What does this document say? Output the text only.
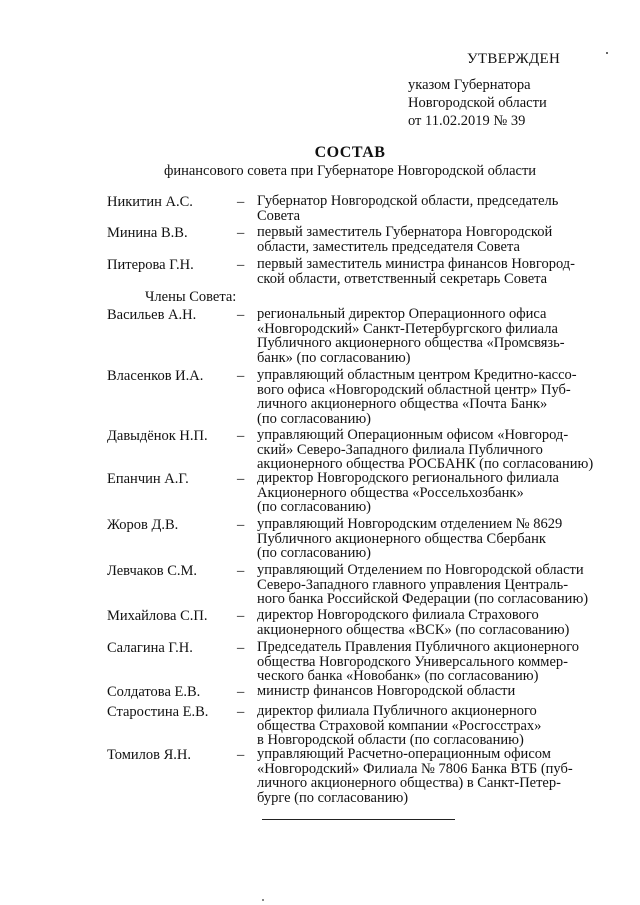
УТВЕРЖДЕН
указом Губернатора
Новгородской области
от 11.02.2019 № 39
СОСТАВ
финансового совета при Губернаторе Новгородской области
Члены Совета:
Никитин А.С.	– Губернатор Новгородской области, председатель
Совета
Минина В.В.	– первый заместитель Губернатора Новгородской
области, заместитель председателя Совета
Питерова Г.Н.	– первый заместитель министра финансов Новгород-
ской области, ответственный секретарь Совета
Васильев А.Н.	– региональный директор Операционного офиса
«Новгородский» Санкт-Петербургского филиала
Публичного акционерного общества «Промсвязь-
банк» (по согласованию)
Власенков И.А. – управляющий областным центром Кредитно-кассо-
вого офиса «Новгородский областной центр» Пуб-
личного акционерного общества «Почта Банк»
(по согласованию)
Давыдёнок Н.П. – управляющий Операционным офисом «Новгород-
ский» Северо-Западного филиала Публичного
акционерного общества РОСБАНК (по согласованию)
Епанчин А.Г.	– директор Новгородского регионального филиала
Акционерного общества «Россельхозбанк»
(по согласованию)
Жоров Д.В.	– управляющий Новгородским отделением № 8629
Публичного акционерного общества Сбербанк
(по согласованию)
Левчаков С.М.	– управляющий Отделением по Новгородской области
Северо-Западного главного управления Централь-
ного банка Российской Федерации (по согласованию)
Михайлова С.П. – директор Новгородского филиала Страхового
акционерного общества «ВСК» (по согласованию)
Салагина Г.Н.	– Председатель Правления Публичного акционерного
общества Новгородского Универсального коммер-
ческого банка «Новобанк» (по согласованию)
Солдатова Е.В.	– министр финансов Новгородской области
Старостина Е.В. – директор филиала Публичного акционерного
общества Страховой компании «Росгосстрах»
в Новгородской области (по согласованию)
Томилов Я.Н.	– управляющий Расчетно-операционным офисом
«Новгородский» Филиала № 7806 Банка ВТБ (пуб-
личного акционерного общества) в Санкт-Петер-
бурге (по согласованию)
